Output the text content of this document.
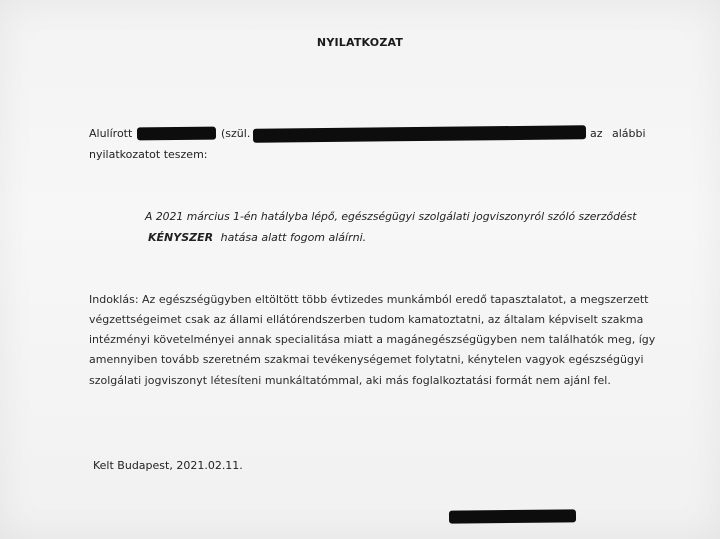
NYILATKOZAT
Alulírott	(szül.	az alábbi
nyilatkozatot teszem:
A 2021 március 1-én hatályba lépő, egészségügyi szolgálati jogviszonyról szóló szerződést
KÉNYSZER hatása alatt fogom aláírni.
Indoklás: Az egészségügyben eltöltött több évtizedes munkámból eredő tapasztalatot, a megszerzett
végzettségeimet csak az állami ellátórendszerben tudom kamatoztatni, az általam képviselt szakma
intézményi követelményei annak specialitása miatt a magánegészségügyben nem találhatók meg, így
amennyiben tovább szeretném szakmai tevékenységemet folytatni, kénytelen vagyok egészségügyi
szolgálati jogviszonyt létesíteni munkáltatómmal, aki más foglalkoztatási formát nem ajánl fel.
Kelt Budapest, 2021.02.11.
